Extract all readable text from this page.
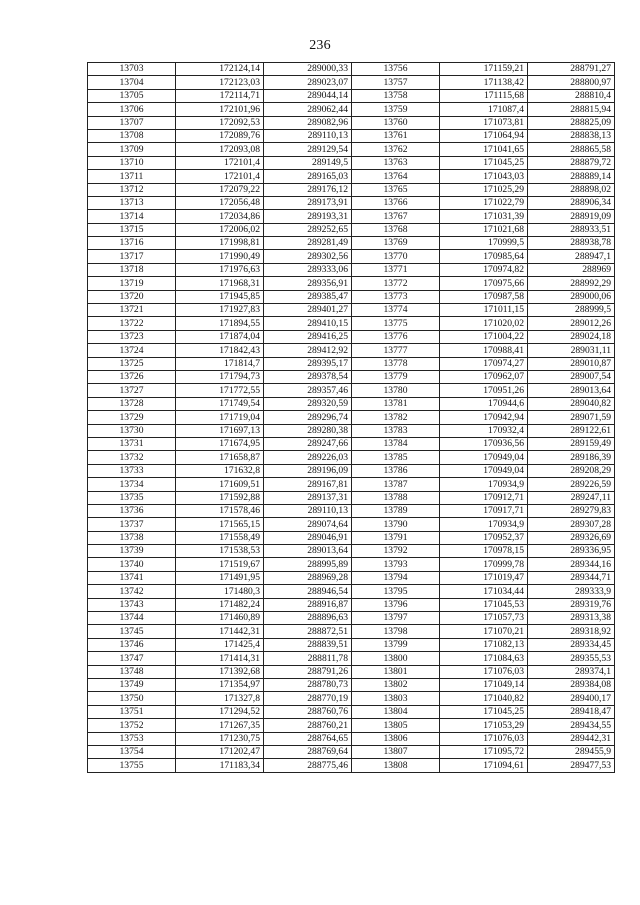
236
13703	172124,14	289000,33	13756	171159,21	288791,27
13704	172123,03	289023,07	13757	171138,42	288800,97
13705	172114,71	289044,14	13758	171115,68	288810,4
13706	172101,96	289062,44	13759	171087,4	288815,94
13707	172092,53	289082,96	13760	171073,81	288825,09
13708	172089,76	289110,13	13761	171064,94	288838,13
13709	172093,08	289129,54	13762	171041,65	288865,58
13710	172101,4	289149,5	13763	171045,25	288879,72
13711	172101,4	289165,03	13764	171043,03	288889,14
13712	172079,22	289176,12	13765	171025,29	288898,02
13713	172056,48	289173,91	13766	171022,79	288906,34
13714	172034,86	289193,31	13767	171031,39	288919,09
13715	172006,02	289252,65	13768	171021,68	288933,51
13716	171998,81	289281,49	13769	170999,5	288938,78
13717	171990,49	289302,56	13770	170985,64	288947,1
13718	171976,63	289333,06	13771	170974,82	288969
13719	171968,31	289356,91	13772	170975,66	288992,29
13720	171945,85	289385,47	13773	170987,58	289000,06
13721	171927,83	289401,27	13774	171011,15	288999,5
13722	171894,55	289410,15	13775	171020,02	289012,26
13723	171874,04	289416,25	13776	171004,22	289024,18
13724	171842,43	289412,92	13777	170988,41	289031,11
13725	171814,7	289395,17	13778	170974,27	289010,87
13726	171794,73	289378,54	13779	170962,07	289007,54
13727	171772,55	289357,46	13780	170951,26	289013,64
13728	171749,54	289320,59	13781	170944,6	289040,82
13729	171719,04	289296,74	13782	170942,94	289071,59
13730	171697,13	289280,38	13783	170932,4	289122,61
13731	171674,95	289247,66	13784	170936,56	289159,49
13732	171658,87	289226,03	13785	170949,04	289186,39
13733	171632,8	289196,09	13786	170949,04	289208,29
13734	171609,51	289167,81	13787	170934,9	289226,59
13735	171592,88	289137,31	13788	170912,71	289247,11
13736	171578,46	289110,13	13789	170917,71	289279,83
13737	171565,15	289074,64	13790	170934,9	289307,28
13738	171558,49	289046,91	13791	170952,37	289326,69
13739	171538,53	289013,64	13792	170978,15	289336,95
13740	171519,67	288995,89	13793	170999,78	289344,16
13741	171491,95	288969,28	13794	171019,47	289344,71
13742	171480,3	288946,54	13795	171034,44	289333,9
13743	171482,24	288916,87	13796	171045,53	289319,76
13744	171460,89	288896,63	13797	171057,73	289313,38
13745	171442,31	288872,51	13798	171070,21	289318,92
13746	171425,4	288839,51	13799	171082,13	289334,45
13747	171414,31	288811,78	13800	171084,63	289355,53
13748	171392,68	288791,26	13801	171076,03	289374,1
13749	171354,97	288780,73	13802	171049,14	289384,08
13750	171327,8	288770,19	13803	171040,82	289400,17
13751	171294,52	288760,76	13804	171045,25	289418,47
13752	171267,35	288760,21	13805	171053,29	289434,55
13753	171230,75	288764,65	13806	171076,03	289442,31
13754	171202,47	288769,64	13807	171095,72	289455,9
13755	171183,34	288775,46	13808	171094,61	289477,53
